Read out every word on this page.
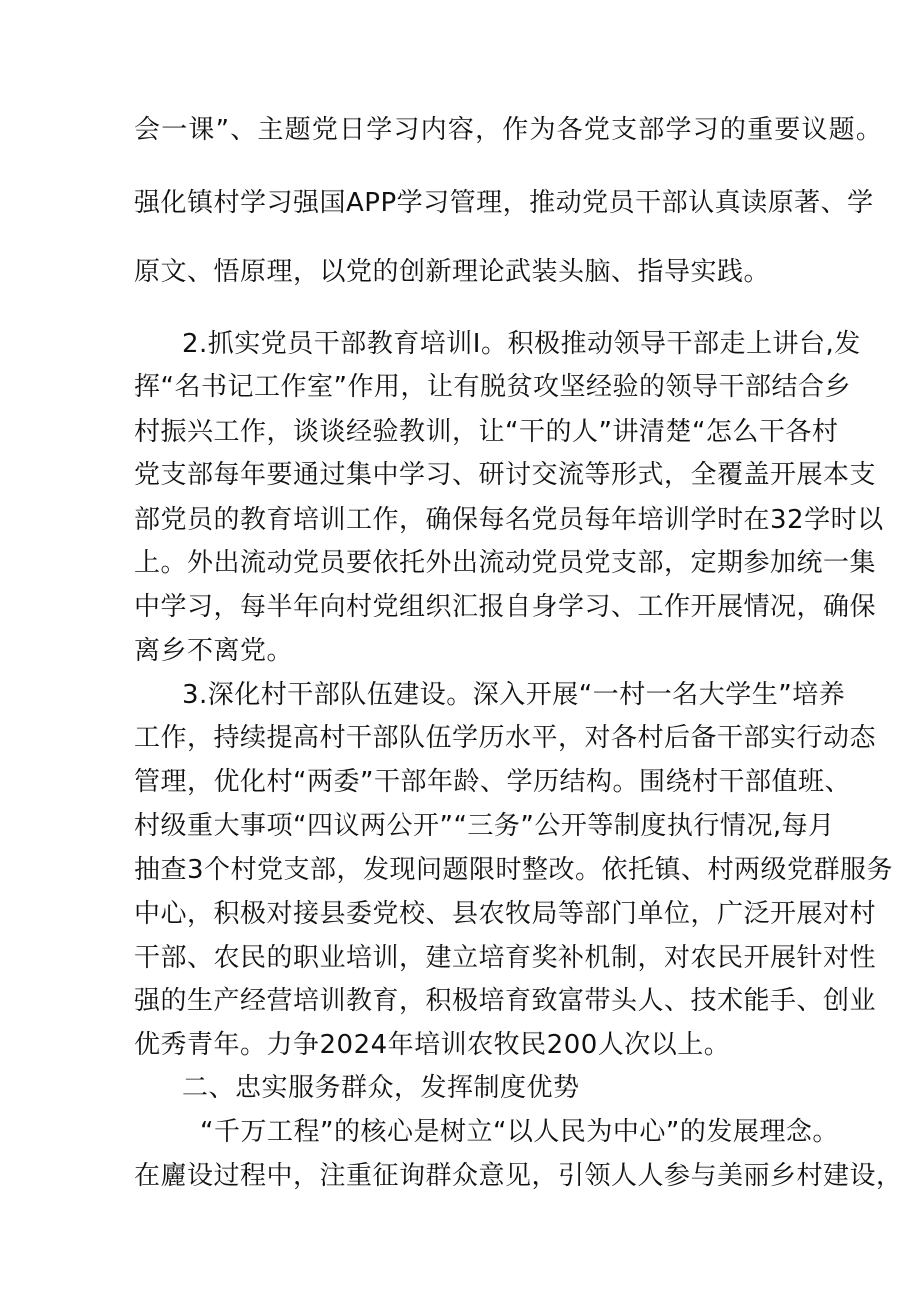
会一课”、主题党日学习内容，作为各党支部学习的重要议题。
强化镇村学习强国APP学习管理，推动党员干部认真读原著、学
原文、悟原理，以党的创新理论武装头脑、指导实践。
2.抓实党员干部教育培训I。积极推动领导干部走上讲台,发
挥“名书记工作室”作用，让有脱贫攻坚经验的领导干部结合乡
村振兴工作，谈谈经验教训，让“干的人”讲清楚“怎么干各村
党支部每年要通过集中学习、研讨交流等形式，全覆盖开展本支
部党员的教育培训工作，确保每名党员每年培训学时在32学时以
上。外出流动党员要依托外出流动党员党支部，定期参加统一集
中学习，每半年向村党组织汇报自身学习、工作开展情况，确保
离乡不离党。
3.深化村干部队伍建设。深入开展“一村一名大学生”培养
工作，持续提高村干部队伍学历水平，对各村后备干部实行动态
管理，优化村“两委”干部年龄、学历结构。围绕村干部值班、
村级重大事项“四议两公开”“三务”公开等制度执行情况,每月
抽查3个村党支部，发现问题限时整改。依托镇、村两级党群服务
中心，积极对接县委党校、县农牧局等部门单位，广泛开展对村
干部、农民的职业培训，建立培育奖补机制，对农民开展针对性
强的生产经营培训教育，积极培育致富带头人、技术能手、创业
优秀青年。力争2024年培训农牧民200人次以上。
二、忠实服务群众，发挥制度优势
“千万工程”的核心是树立“以人民为中心”的发展理念。
在廲设过程中，注重征询群众意见，引领人人参与美丽乡村建设，
